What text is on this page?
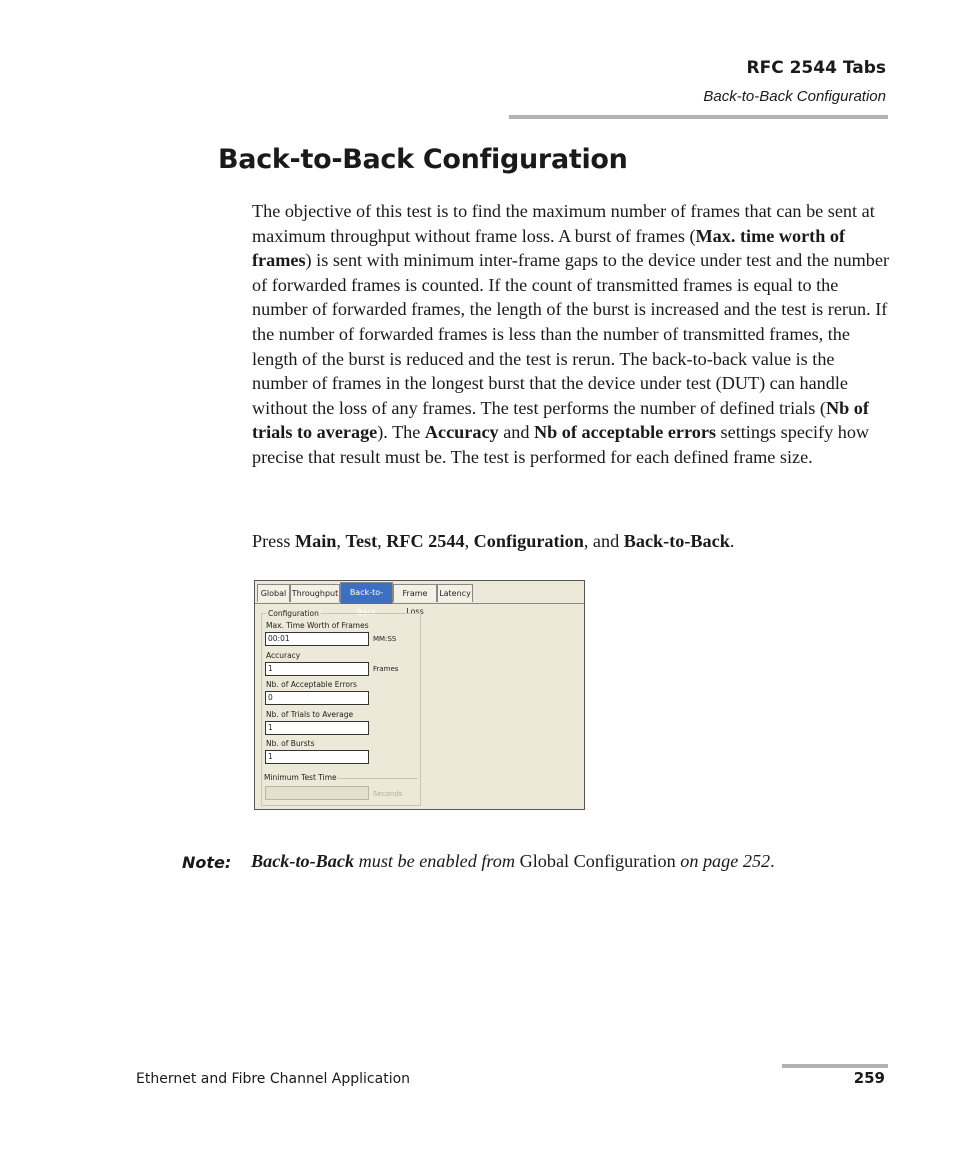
RFC 2544 Tabs
Back-to-Back Configuration
Back-to-Back Configuration
The objective of this test is to find the maximum number of frames that can be sent at maximum throughput without frame loss. A burst of frames (Max. time worth of frames) is sent with minimum inter-frame gaps to the device under test and the number of forwarded frames is counted. If the count of transmitted frames is equal to the number of forwarded frames, the length of the burst is increased and the test is rerun. If the number of forwarded frames is less than the number of transmitted frames, the length of the burst is reduced and the test is rerun. The back-to-back value is the number of frames in the longest burst that the device under test (DUT) can handle without the loss of any frames. The test performs the number of defined trials (Nb of trials to average). The Accuracy and Nb of acceptable errors settings specify how precise that result must be. The test is performed for each defined frame size.
Press Main, Test, RFC 2544, Configuration, and Back-to-Back.
Global Throughput	Back-to-Back
Frame Loss
Latency
Configuration
Max. Time Worth of Frames
00:01	MM:SS
Accuracy
1	Frames
Nb. of Acceptable Errors
0
Nb. of Trials to Average
1
Nb. of Bursts
1
Minimum Test Time
Seconds
Note: Back-to-Back must be enabled from Global Configuration on page 252.
Ethernet and Fibre Channel Application	259
